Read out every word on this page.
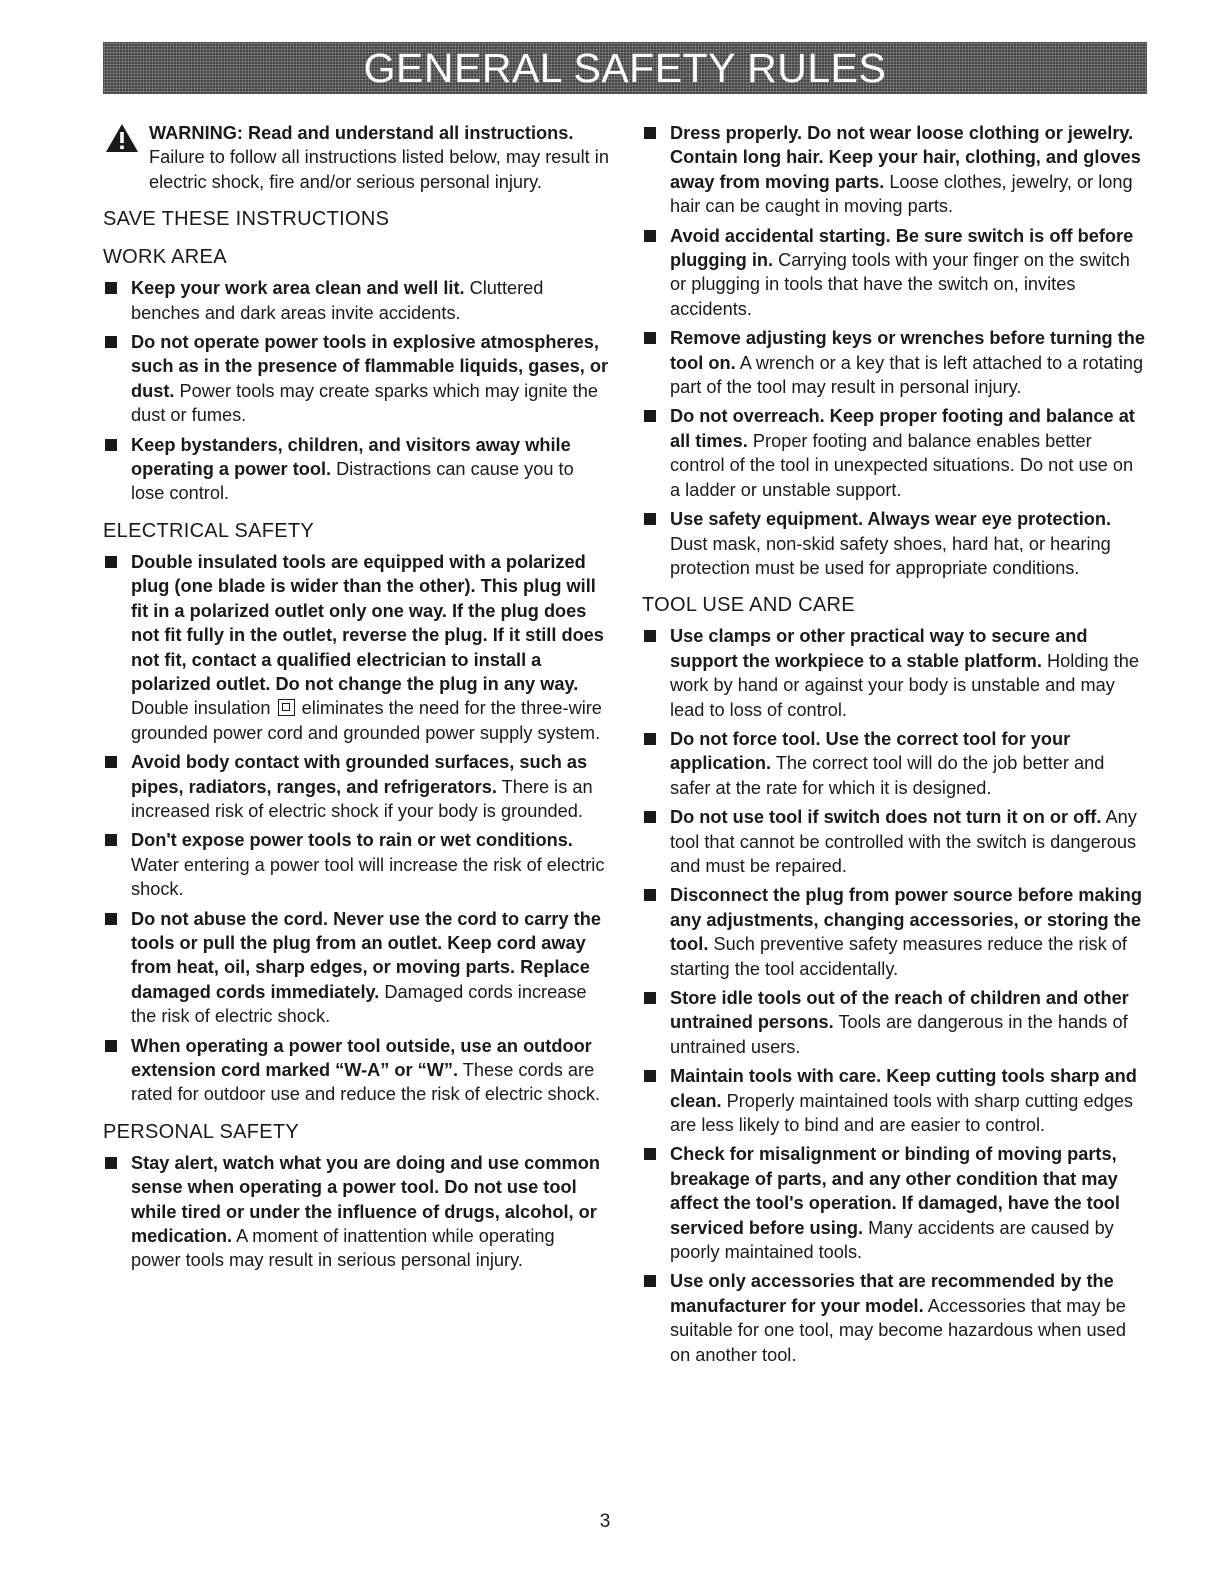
GENERAL SAFETY RULES
WARNING: Read and understand all instructions. Failure to follow all instructions listed below, may result in electric shock, fire and/or serious personal injury.
SAVE THESE INSTRUCTIONS
WORK AREA
Keep your work area clean and well lit. Cluttered benches and dark areas invite accidents.
Do not operate power tools in explosive atmospheres, such as in the presence of flammable liquids, gases, or dust. Power tools may create sparks which may ignite the dust or fumes.
Keep bystanders, children, and visitors away while operating a power tool. Distractions can cause you to lose control.
ELECTRICAL SAFETY
Double insulated tools are equipped with a polarized plug (one blade is wider than the other). This plug will fit in a polarized outlet only one way. If the plug does not fit fully in the outlet, reverse the plug. If it still does not fit, contact a qualified electrician to install a polarized outlet. Do not change the plug in any way. Double insulation  eliminates the need for the three-wire grounded power cord and grounded power supply system.
Avoid body contact with grounded surfaces, such as pipes, radiators, ranges, and refrigerators. There is an increased risk of electric shock if your body is grounded.
Don't expose power tools to rain or wet conditions. Water entering a power tool will increase the risk of electric shock.
Do not abuse the cord. Never use the cord to carry the tools or pull the plug from an outlet. Keep cord away from heat, oil, sharp edges, or moving parts. Replace damaged cords immediately. Damaged cords increase the risk of electric shock.
When operating a power tool outside, use an outdoor extension cord marked “W-A” or “W”. These cords are rated for outdoor use and reduce the risk of electric shock.
PERSONAL SAFETY
Stay alert, watch what you are doing and use common sense when operating a power tool. Do not use tool while tired or under the influence of drugs, alcohol, or medication. A moment of inattention while operating power tools may result in serious personal injury.
Dress properly. Do not wear loose clothing or jewelry. Contain long hair. Keep your hair, clothing, and gloves away from moving parts. Loose clothes, jewelry, or long hair can be caught in moving parts.
Avoid accidental starting. Be sure switch is off before plugging in. Carrying tools with your finger on the switch or plugging in tools that have the switch on, invites accidents.
Remove adjusting keys or wrenches before turning the tool on. A wrench or a key that is left attached to a rotating part of the tool may result in personal injury.
Do not overreach. Keep proper footing and balance at all times. Proper footing and balance enables better control of the tool in unexpected situations. Do not use on a ladder or unstable support.
Use safety equipment. Always wear eye protection. Dust mask, non-skid safety shoes, hard hat, or hearing protection must be used for appropriate conditions.
TOOL USE AND CARE
Use clamps or other practical way to secure and support the workpiece to a stable platform. Holding the work by hand or against your body is unstable and may lead to loss of control.
Do not force tool. Use the correct tool for your application. The correct tool will do the job better and safer at the rate for which it is designed.
Do not use tool if switch does not turn it on or off. Any tool that cannot be controlled with the switch is dangerous and must be repaired.
Disconnect the plug from power source before making any adjustments, changing accessories, or storing the tool. Such preventive safety measures reduce the risk of starting the tool accidentally.
Store idle tools out of the reach of children and other untrained persons. Tools are dangerous in the hands of untrained users.
Maintain tools with care. Keep cutting tools sharp and clean. Properly maintained tools with sharp cutting edges are less likely to bind and are easier to control.
Check for misalignment or binding of moving parts, breakage of parts, and any other condition that may affect the tool's operation. If damaged, have the tool serviced before using. Many accidents are caused by poorly maintained tools.
Use only accessories that are recommended by the manufacturer for your model. Accessories that may be suitable for one tool, may become hazardous when used on another tool.
3
